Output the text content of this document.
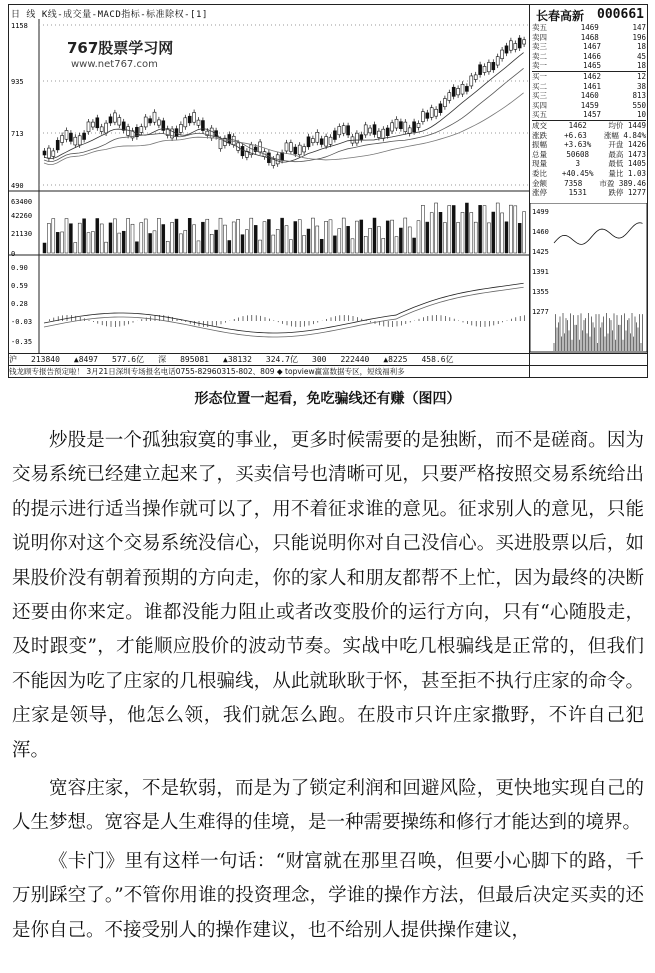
日 线 K线-成交量-MACD指标-标准除权-[1]
1158
935
713
490
63400
42260
21130
0
0.90
0.59
0.28
-0.03
-0.35
767股票学习网
www.net767.com
长春高新 000661
卖五	1469	147
卖四	1468	196
卖三	1467	18
卖二	1466	45
卖一	1465	18
买一	1462	12
买二	1461	38
买三	1460	813
买四	1459	550
买五	1457	10
成交	1462	均价 1449
涨跌 +6.63 涨幅 4.84%
振幅 +3.63% 开盘 1426
总量	50608	最高 1473
现量	3	最低 1405
委比 +40.45% 量比 1.03
金额 7358 市盈 389.46
涨停	1531	跌停 1277
1499
1460
1425
1391
1355
1277
沪 213840 ▲8497 577.6亿 深 895081 ▲38132 324.7亿 300 222440 ▲8225 458.6亿
钱龙顾专报告预定啦！ 3月21日深圳专场报名电话0755-82960315-802、809 ◆ topview赢富数据专区，短线福利多
形态位置一起看，免吃骗线还有赚（图四）

炒股是一个孤独寂寞的事业，更多时候需要的是独断，而不是磋商。因为交易系统已经建立起来了，买卖信号也清晰可见，只要严格按照交易系统给出的提示进行适当操作就可以了，用不着征求谁的意见。征求别人的意见，只能说明你对这个交易系统没信心，只能说明你对自己没信心。买进股票以后，如果股价没有朝着预期的方向走，你的家人和朋友都帮不上忙，因为最终的决断还要由你来定。谁都没能力阻止或者改变股价的运行方向，只有“心随股走，及时跟变”，才能顺应股价的波动节奏。实战中吃几根骗线是正常的，但我们不能因为吃了庄家的几根骗线，从此就耿耿于怀，甚至拒不执行庄家的命令。庄家是领导，他怎么领，我们就怎么跑。在股市只许庄家撒野，不许自己犯浑。

宽容庄家，不是软弱，而是为了锁定利润和回避风险，更快地实现自己的人生梦想。宽容是人生难得的佳境，是一种需要操练和修行才能达到的境界。

《卡门》里有这样一句话：“财富就在那里召唤，但要小心脚下的路，千万别踩空了。”不管你用谁的投资理念，学谁的操作方法，但最后决定买卖的还是你自己。不接受别人的操作建议，也不给别人提供操作建议，
